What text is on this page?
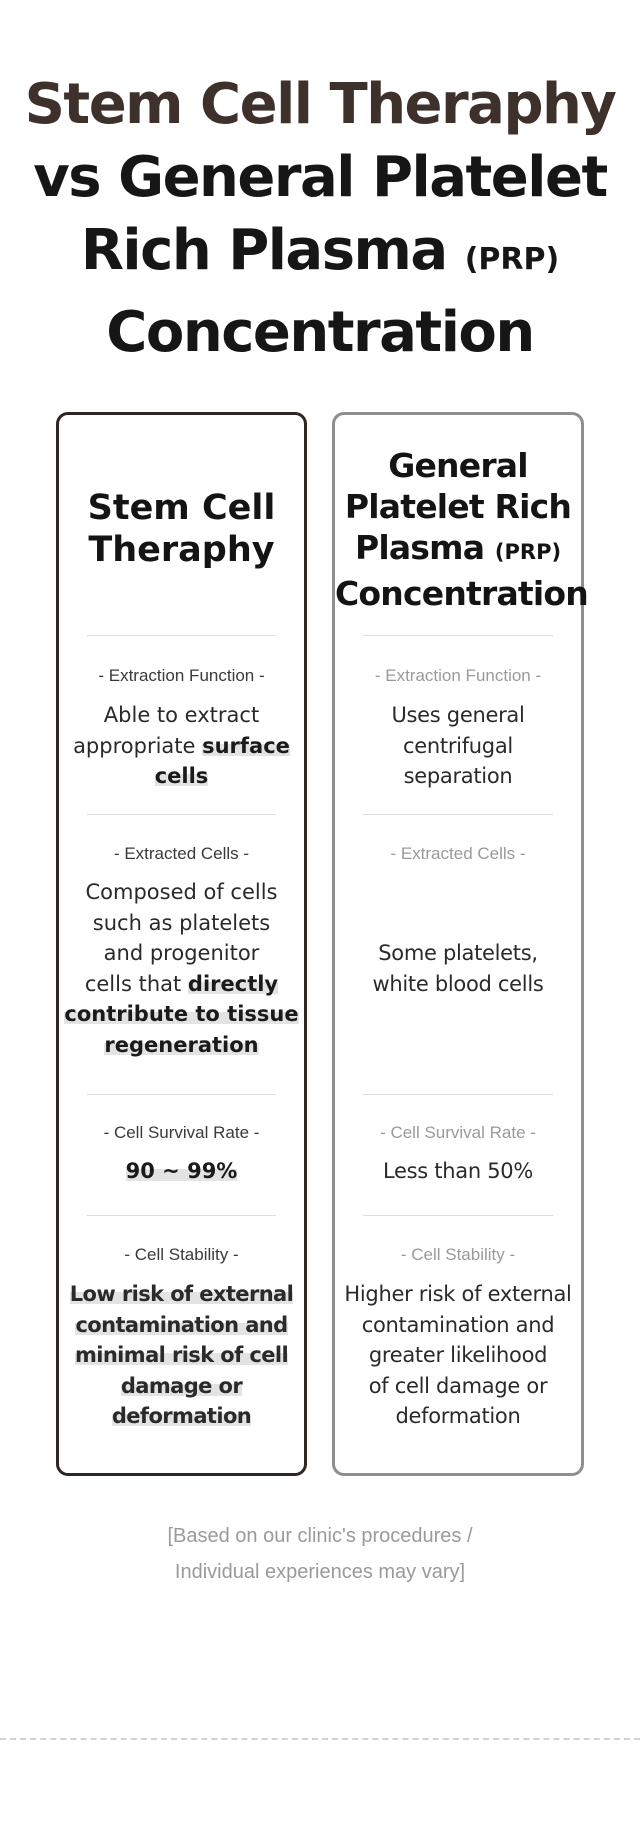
Stem Cell Theraphy
vs General Platelet
Rich Plasma (PRP)
Concentration
Stem Cell
Theraphy
- Extraction Function -
Able to extract
appropriate surface
cells
- Extracted Cells -
Composed of cells
such as platelets
and progenitor
cells that directly
contribute to tissue
regeneration
- Cell Survival Rate -
90 ~ 99%
- Cell Stability -
Low risk of external
contamination and
minimal risk of cell
damage or
deformation
General
Platelet Rich
Plasma (PRP)
Concentration
- Extraction Function -
Uses general
centrifugal
separation
- Extracted Cells -
Some platelets,
white blood cells
- Cell Survival Rate -
Less than 50%
- Cell Stability -
Higher risk of external
contamination and
greater likelihood
of cell damage or
deformation
[Based on our clinic's procedures /
Individual experiences may vary]
